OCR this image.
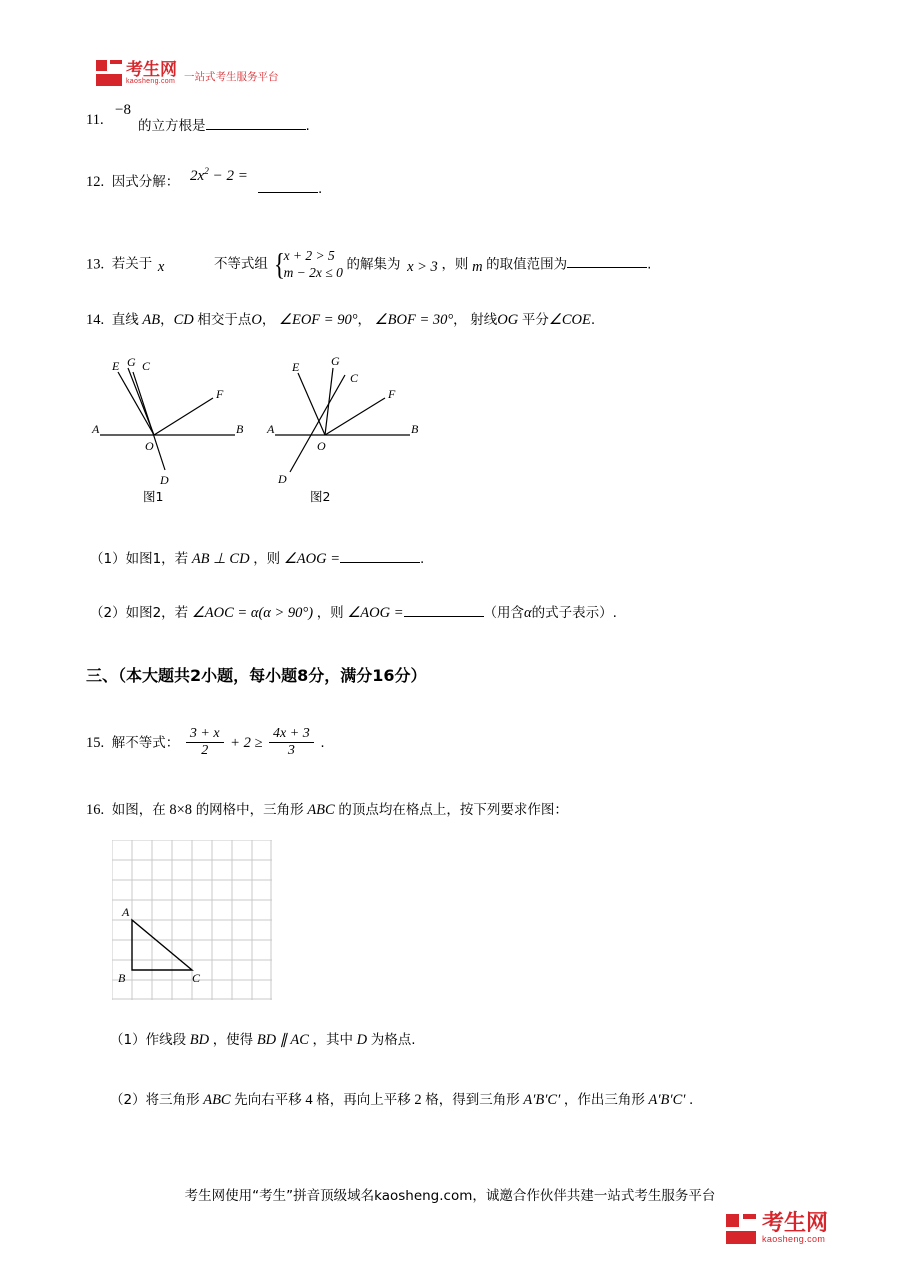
考生网
kaosheng.com 一站式考生服务平台
11.
−8
的立方根是	.
12. 因式分解： $2x^2 - 2$ =
.
13. 若关于 x	不等式组 {
x + 2 > 5
m − 2x ≤ 0
的解集为 x > 3 ，则 m 的取值范围为	.
14. 直线 AB，CD 相交于点O， ∠EOF = 90°， ∠BOF = 30°， 射线OG 平分∠COE.
E G C
F
A
O
B
D
图1
E	G
C
F
A
O
B
D
图2
（1）如图1，若 AB ⊥ CD ，则 ∠AOG =	.
（2）如图2，若 ∠AOC = α(α > 90°) ，则 ∠AOG =	（用含α的式子表示）.
三、（本大题共2小题，每小题8分，满分16分）
15. 解不等式： $\frac{3 + x}{2} + 2 \ge \frac{4x + 3}{3}$ .
16. 如图，在 8×8 的网格中，三角形 ABC 的顶点均在格点上，按下列要求作图：
A
B	C
（1）作线段 BD ，使得 BD ∥ AC ，其中 D 为格点.
（2）将三角形 ABC 先向右平移 4 格，再向上平移 2 格，得到三角形 A′B′C′ ，作出三角形 A′B′C′ .
考生网使用“考生”拼音顶级域名kaosheng.com，诚邀合作伙伴共建一站式考生服务平台
考生网
kaosheng.com
